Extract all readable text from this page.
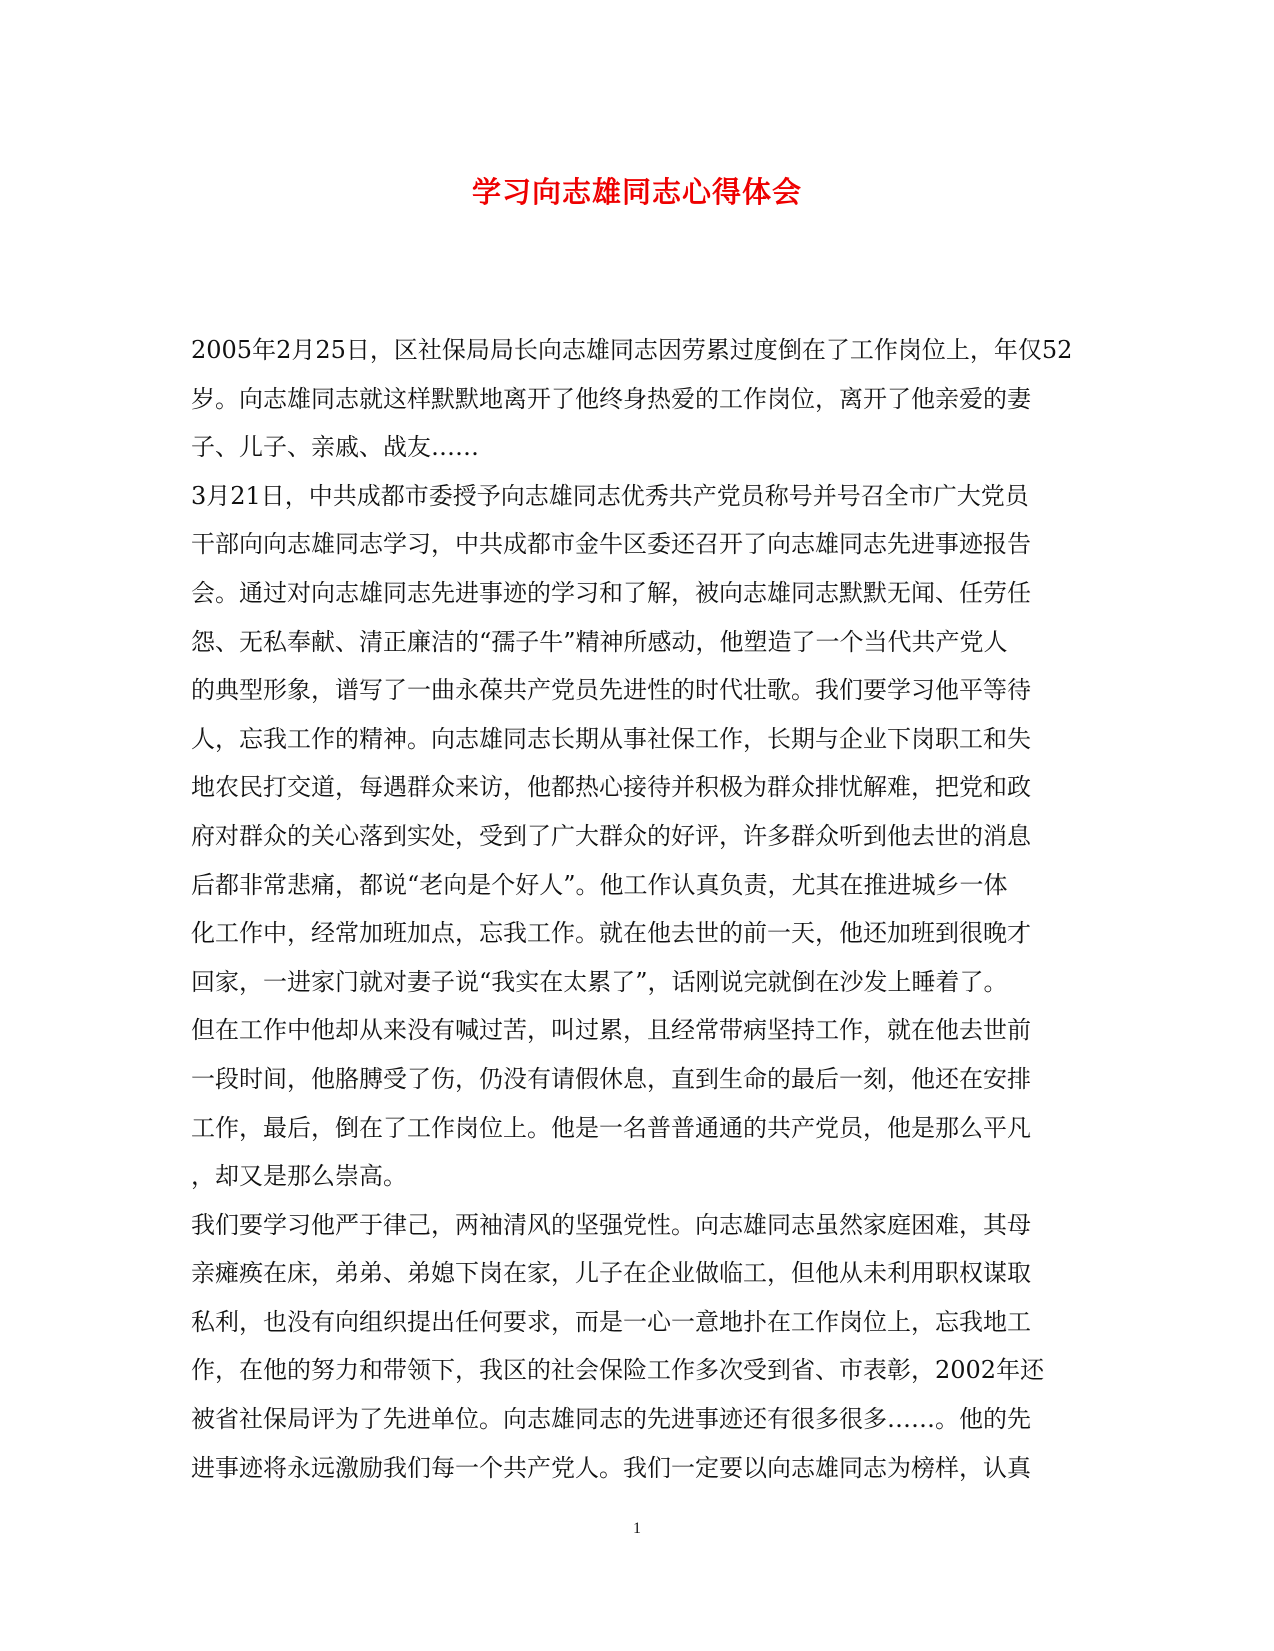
学习向志雄同志心得体会
2005年2月25日，区社保局局长向志雄同志因劳累过度倒在了工作岗位上，年仅52
岁。向志雄同志就这样默默地离开了他终身热爱的工作岗位，离开了他亲爱的妻
子、儿子、亲戚、战友……
3月21日，中共成都市委授予向志雄同志优秀共产党员称号并号召全市广大党员
干部向向志雄同志学习，中共成都市金牛区委还召开了向志雄同志先进事迹报告
会。通过对向志雄同志先进事迹的学习和了解，被向志雄同志默默无闻、任劳任
怨、无私奉献、清正廉洁的“孺子牛”精神所感动，他塑造了一个当代共产党人
的典型形象，谱写了一曲永葆共产党员先进性的时代壮歌。我们要学习他平等待
人，忘我工作的精神。向志雄同志长期从事社保工作，长期与企业下岗职工和失
地农民打交道，每遇群众来访，他都热心接待并积极为群众排忧解难，把党和政
府对群众的关心落到实处，受到了广大群众的好评，许多群众听到他去世的消息
后都非常悲痛，都说“老向是个好人”。他工作认真负责，尤其在推进城乡一体
化工作中，经常加班加点，忘我工作。就在他去世的前一天，他还加班到很晚才
回家，一进家门就对妻子说“我实在太累了”，话刚说完就倒在沙发上睡着了。
但在工作中他却从来没有喊过苦，叫过累，且经常带病坚持工作，就在他去世前
一段时间，他胳膊受了伤，仍没有请假休息，直到生命的最后一刻，他还在安排
工作，最后，倒在了工作岗位上。他是一名普普通通的共产党员，他是那么平凡
，却又是那么崇高。
我们要学习他严于律己，两袖清风的坚强党性。向志雄同志虽然家庭困难，其母
亲瘫痪在床，弟弟、弟媳下岗在家，儿子在企业做临工，但他从未利用职权谋取
私利，也没有向组织提出任何要求，而是一心一意地扑在工作岗位上，忘我地工
作，在他的努力和带领下，我区的社会保险工作多次受到省、市表彰，2002年还
被省社保局评为了先进单位。向志雄同志的先进事迹还有很多很多……。他的先
进事迹将永远激励我们每一个共产党人。我们一定要以向志雄同志为榜样，认真
1
